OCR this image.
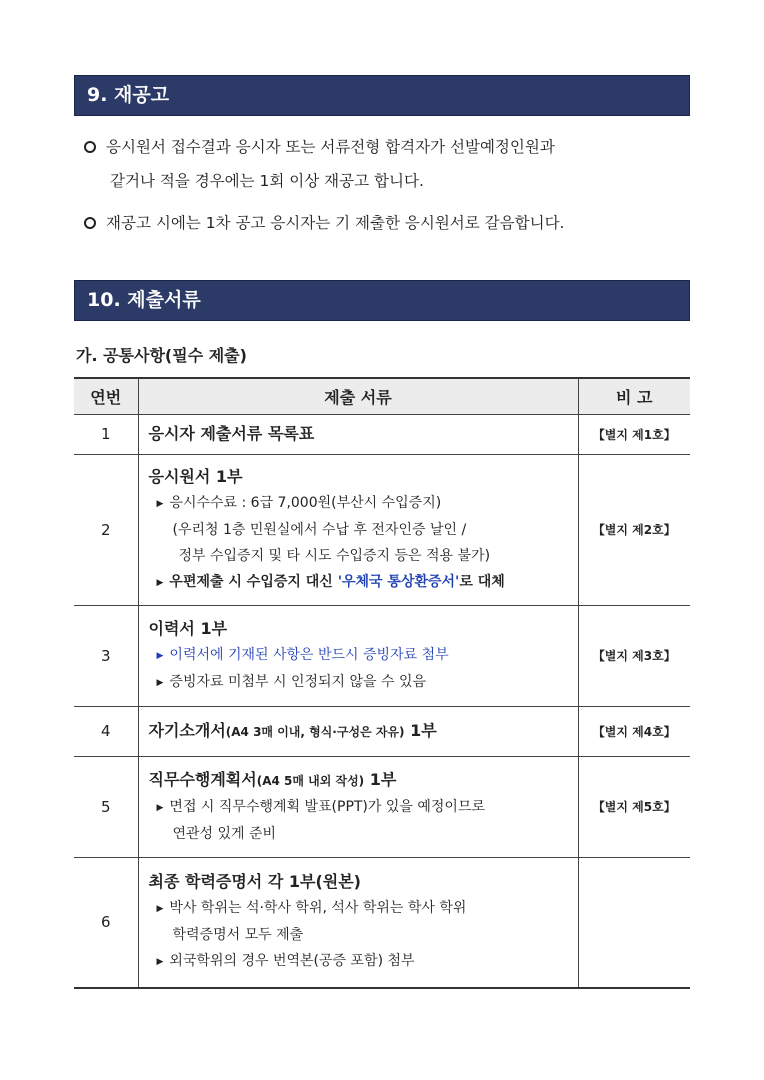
9. 재공고
응시원서 접수결과 응시자 또는 서류전형 합격자가 선발예정인원과
같거나 적을 경우에는 1회 이상 재공고 합니다.
재공고 시에는 1차 공고 응시자는 기 제출한 응시원서로 갈음합니다.
10. 제출서류
가. 공통사항(필수 제출)
연번	제출 서류	비 고
1	응시자 제출서류 목록표	【별지 제1호】
2	응시원서 1부
▶ 응시수수료 : 6급 7,000원(부산시 수입증지)
(우리청 1층 민원실에서 수납 후 전자인증 날인 /
정부 수입증지 및 타 시도 수입증지 등은 적용 불가)
▶ 우편제출 시 수입증지 대신 '우체국 통상환증서'로 대체	【별지 제2호】
3	이력서 1부
▶ 이력서에 기재된 사항은 반드시 증빙자료 첨부
▶ 증빙자료 미첨부 시 인정되지 않을 수 있음	【별지 제3호】
4	자기소개서(A4 3매 이내, 형식·구성은 자유) 1부	【별지 제4호】
5	직무수행계획서(A4 5매 내외 작성) 1부
▶ 면접 시 직무수행계획 발표(PPT)가 있을 예정이므로
연관성 있게 준비	【별지 제5호】
6	최종 학력증명서 각 1부(원본)
▶ 박사 학위는 석·학사 학위, 석사 학위는 학사 학위
학력증명서 모두 제출
▶ 외국학위의 경우 번역본(공증 포함) 첨부	
